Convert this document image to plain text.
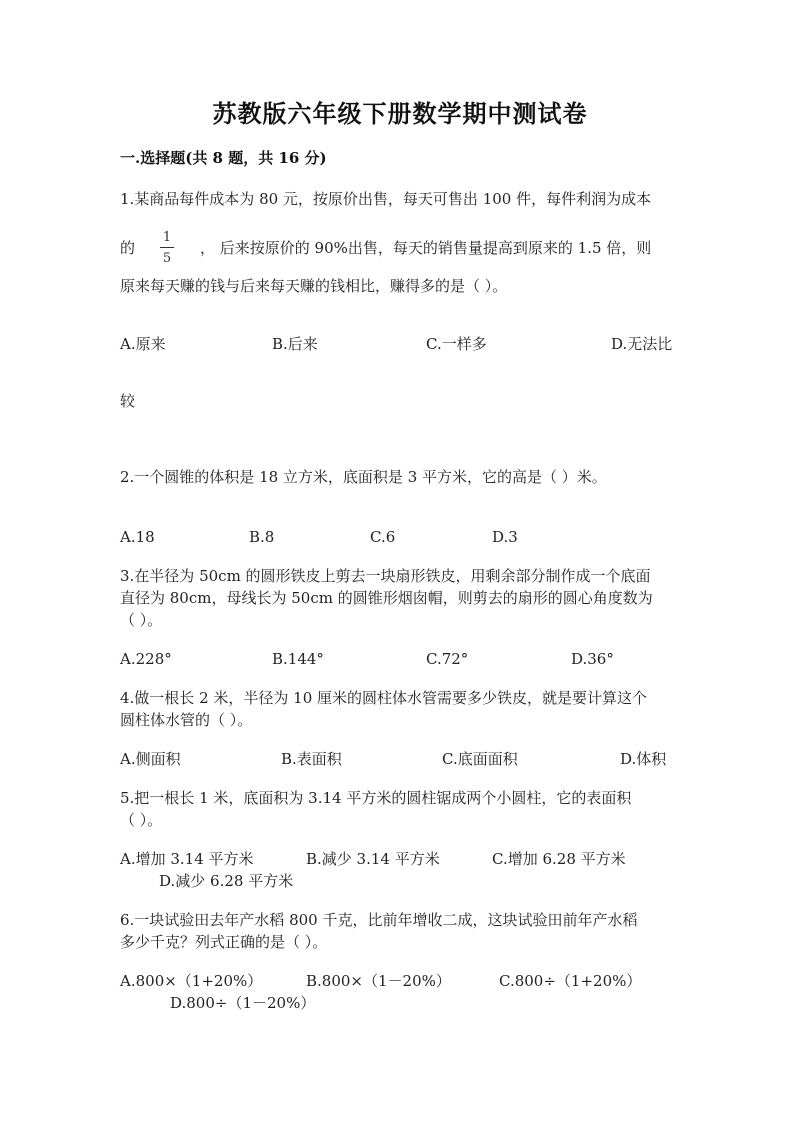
苏教版六年级下册数学期中测试卷
一.选择题(共 8 题，共 16 分)
1.某商品每件成本为 80 元，按原价出售，每天可售出 100 件，每件利润为成本
的
1
5
， 后来按原价的 90%出售，每天的销售量提高到原来的 1.5 倍，则
原来每天赚的钱与后来每天赚的钱相比，赚得多的是（ ）。
A.原来	B.后来	C.一样多	D.无法比
较
2.一个圆锥的体积是 18 立方米，底面积是 3 平方米，它的高是（ ）米。
A.18	B.8	C.6	D.3
3.在半径为 50cm 的圆形铁皮上剪去一块扇形铁皮，用剩余部分制作成一个底面
直径为 80cm，母线长为 50cm 的圆锥形烟囱帽，则剪去的扇形的圆心角度数为
（ ）。
A.228°	B.144°	C.72°	D.36°
4.做一根长 2 米，半径为 10 厘米的圆柱体水管需要多少铁皮，就是要计算这个
圆柱体水管的（ ）。
A.侧面积	B.表面积	C.底面面积	D.体积
5.把一根长 1 米，底面积为 3.14 平方米的圆柱锯成两个小圆柱，它的表面积
（ ）。
A.增加 3.14 平方米	B.减少 3.14 平方米	C.增加 6.28 平方米
D.减少 6.28 平方米
6.一块试验田去年产水稻 800 千克，比前年增收二成，这块试验田前年产水稻
多少千克？列式正确的是（ ）。
A.800×（1+20%）	B.800×（1－20%）	C.800÷（1+20%）
D.800÷（1－20%）
